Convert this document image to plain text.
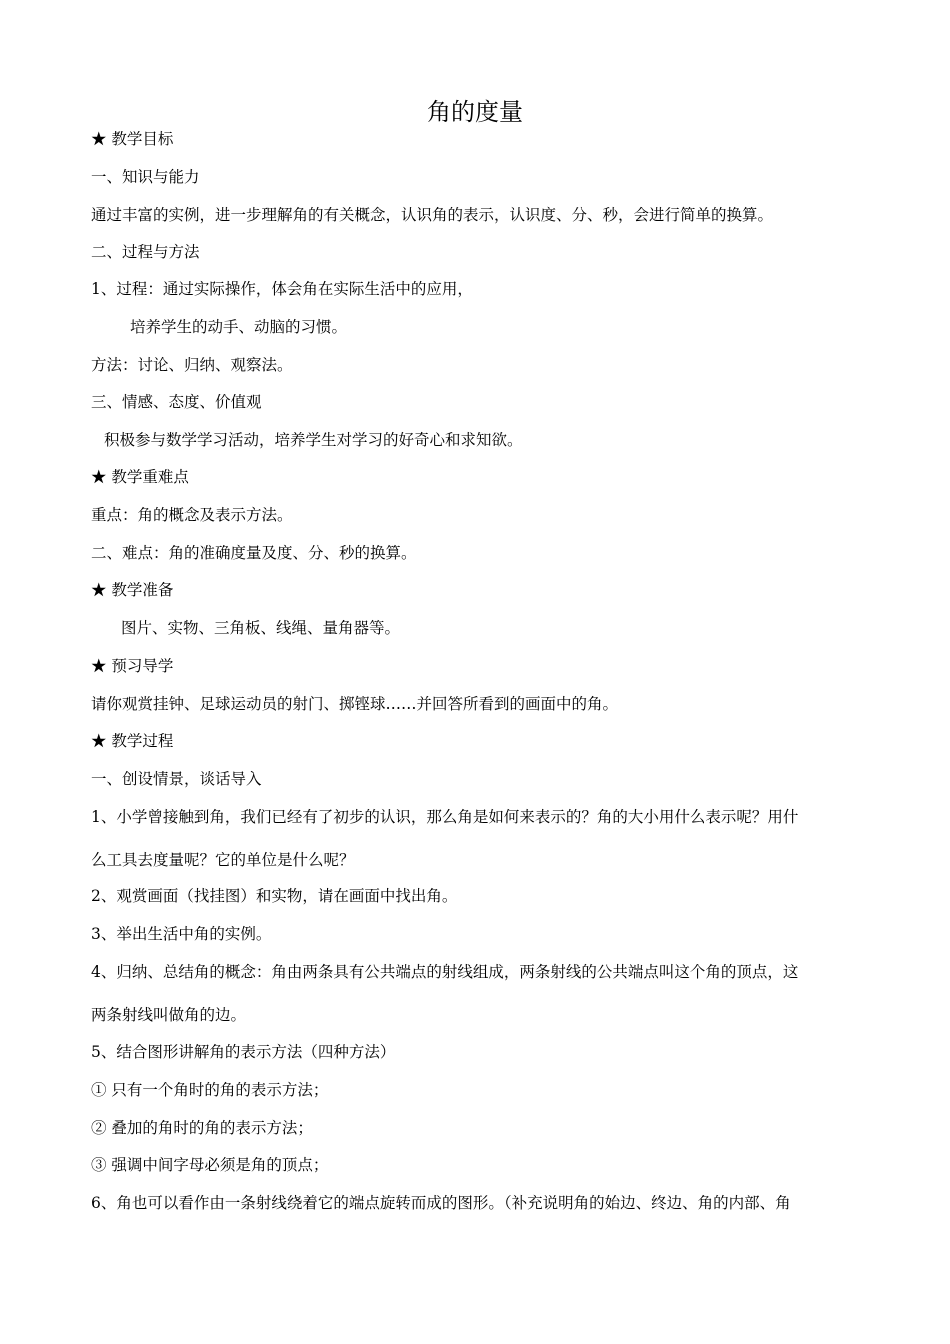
角的度量
★ 教学目标
一、知识与能力
通过丰富的实例，进一步理解角的有关概念，认识角的表示，认识度、分、秒，会进行简单的换算。
二、过程与方法
1、过程：通过实际操作，体会角在实际生活中的应用，
培养学生的动手、动脑的习惯。
方法：讨论、归纳、观察法。
三、情感、态度、价值观
积极参与数学学习活动，培养学生对学习的好奇心和求知欲。
★ 教学重难点
重点：角的概念及表示方法。
二、难点：角的准确度量及度、分、秒的换算。
★ 教学准备
图片、实物、三角板、线绳、量角器等。
★ 预习导学
请你观赏挂钟、足球运动员的射门、掷铿球……并回答所看到的画面中的角。
★ 教学过程
一、创设情景，谈话导入
1、小学曾接触到角，我们已经有了初步的认识，那么角是如何来表示的？角的大小用什么表示呢？用什
么工具去度量呢？它的单位是什么呢？
2、观赏画面（找挂图）和实物，请在画面中找出角。
3、举出生活中角的实例。
4、归纳、总结角的概念：角由两条具有公共端点的射线组成，两条射线的公共端点叫这个角的顶点，这
两条射线叫做角的边。
5、结合图形讲解角的表示方法（四种方法）
① 只有一个角时的角的表示方法；
② 叠加的角时的角的表示方法；
③ 强调中间字母必须是角的顶点；
6、角也可以看作由一条射线绕着它的端点旋转而成的图形。（补充说明角的始边、终边、角的内部、角
